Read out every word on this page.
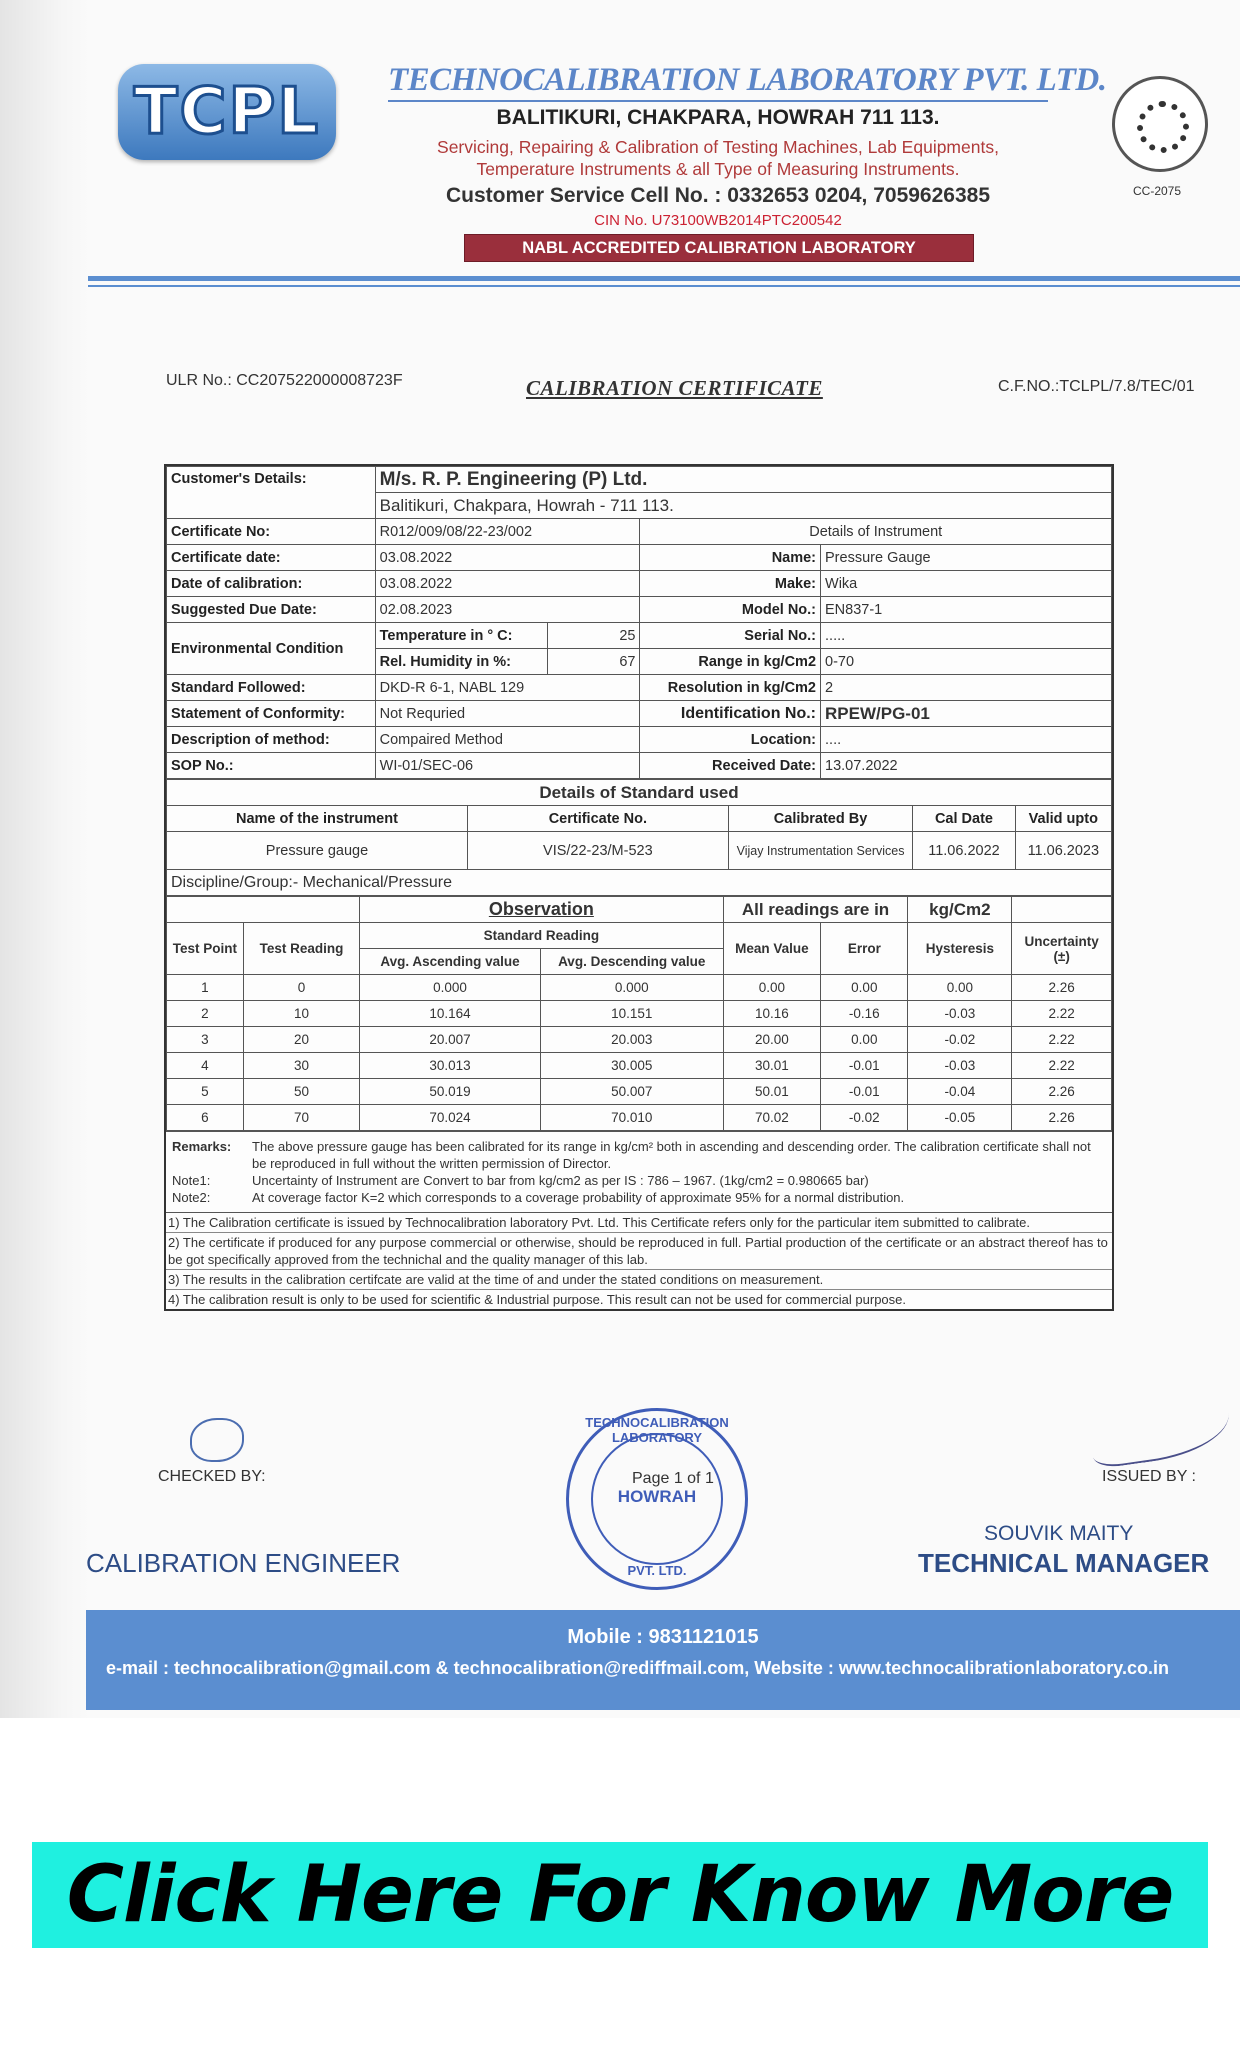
TCPL TECHNOCALIBRATION LABORATORY PVT. LTD.
BALITIKURI, CHAKPARA, HOWRAH 711 113.
Servicing, Repairing & Calibration of Testing Machines, Lab Equipments,
Temperature Instruments & all Type of Measuring Instruments.
Customer Service Cell No. : 0332653 0204, 7059626385
CIN No. U73100WB2014PTC200542
NABL ACCREDITED CALIBRATION LABORATORY
CC-2075
ULR No.: CC207522000008723F	CALIBRATION CERTIFICATE	C.F.NO.:TCLPL/7.8/TEC/01
Customer's Details:	M/s. R. P. Engineering (P) Ltd.			
	Balitikuri, Chakpara, Howrah - 711 113.			
Certificate No:	R012/009/08/22-23/002		Details of Instrument	
Certificate date:	03.08.2022		Name:	Pressure Gauge
Date of calibration:	03.08.2022		Make:	Wika
Suggested Due Date:	02.08.2023		Model No.:	EN837-1
Environmental Condition	Temperature in ° C:	25	Serial No.:	.....
	Rel. Humidity in %:	67	Range in kg/Cm2	0-70
Standard Followed:	DKD-R 6-1, NABL 129		Resolution in kg/Cm2	2
Statement of Conformity:	Not Requried		Identification No.:	RPEW/PG-01
Description of method:	Compaired Method		Location:	....
SOP No.:	WI-01/SEC-06		Received Date:	13.07.2022
Details of Standard used				
Name of the instrument	Certificate No.	Calibrated By	Cal Date	Valid upto
Pressure gauge	VIS/22-23/M-523	Vijay Instrumentation Services	11.06.2022	11.06.2023
Discipline/Group:- Mechanical/Pressure				
		Observation		All readings are in		kg/Cm2	
Test Point	Test Reading	Standard Reading		Mean Value	Error	Hysteresis	Uncertainty (±)
		Avg. Ascending value	Avg. Descending value				
1	0	0.000	0.000	0.00	0.00	0.00	2.26
2	10	10.164	10.151	10.16	-0.16	-0.03	2.22
3	20	20.007	20.003	20.00	0.00	-0.02	2.22
4	30	30.013	30.005	30.01	-0.01	-0.03	2.22
5	50	50.019	50.007	50.01	-0.01	-0.04	2.26
6	70	70.024	70.010	70.02	-0.02	-0.05	2.26
Remarks:	The above pressure gauge has been calibrated for its range in kg/cm² both in ascending and descending order. The calibration certificate shall not be reproduced in full without the written permission of Director.
Note1:	Uncertainty of Instrument are Convert to bar from kg/cm2 as per IS : 786 – 1967. (1kg/cm2 = 0.980665 bar)
Note2:	At coverage factor K=2 which corresponds to a coverage probability of approximate 95% for a normal distribution.
1) The Calibration certificate is issued by Technocalibration laboratory Pvt. Ltd. This Certificate refers only for the particular item submitted to calibrate.
2) The certificate if produced for any purpose commercial or otherwise, should be reproduced in full. Partial production of the certificate or an abstract thereof has to be got specifically approved from the technichal and the quality manager of this lab.
3) The results in the calibration certifcate are valid at the time of and under the stated conditions on measurement.
4) The calibration result is only to be used for scientific & Industrial purpose. This result can not be used for commercial purpose.
CHECKED BY:
CALIBRATION ENGINEER
TECHNOCALIBRATION LABORATORY
HOWRAH
PVT. LTD.
Page 1 of 1	ISSUED BY :
SOUVIK MAITY
TECHNICAL MANAGER
Mobile : 9831121015
e-mail : technocalibration@gmail.com & technocalibration@rediffmail.com, Website : www.technocalibrationlaboratory.co.in
Click Here For Know More
